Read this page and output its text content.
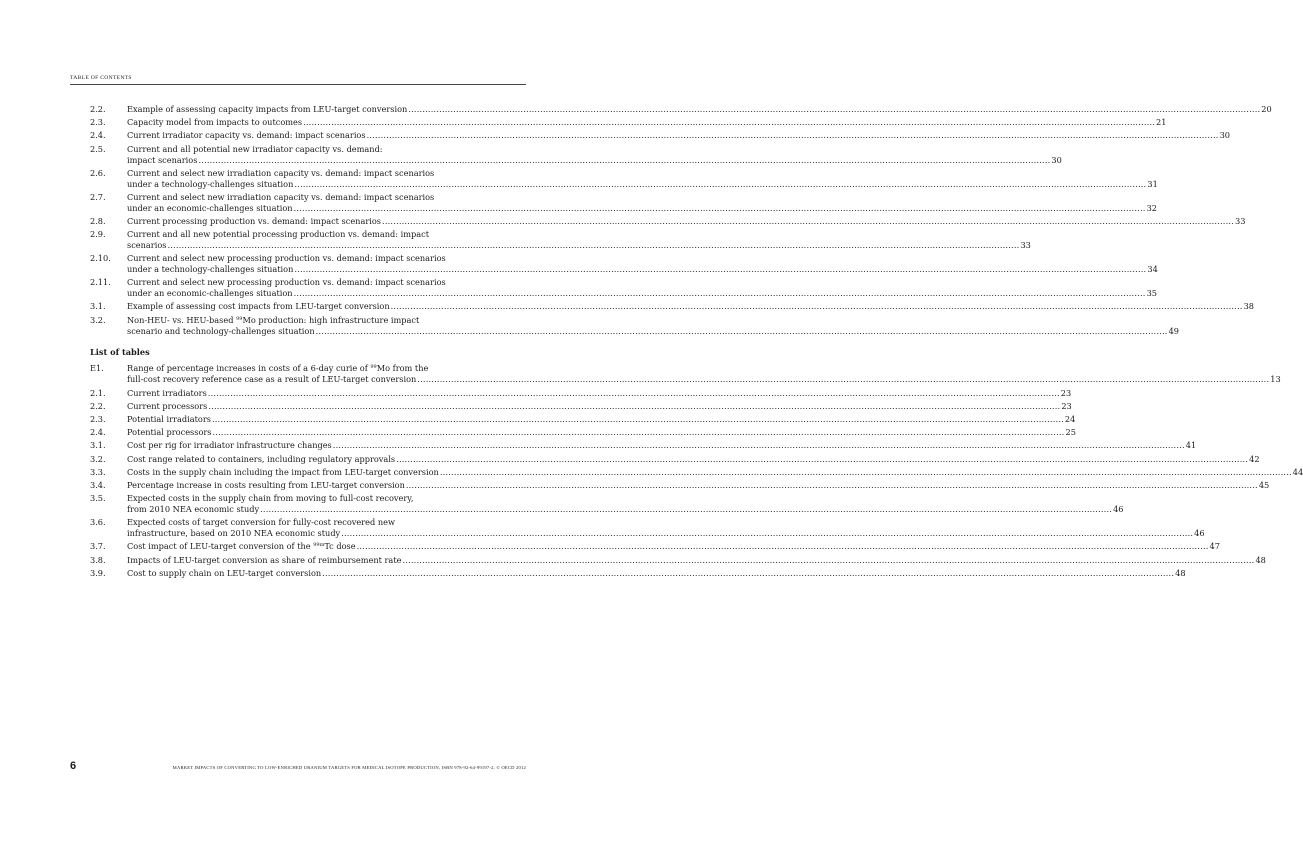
TABLE OF CONTENTS
2.2.	Example of assessing capacity impacts from LEU-target conversion .....	20
2.3.	Capacity model from impacts to outcomes .....	21
2.4.	Current irradiator capacity vs. demand: impact scenarios .....	30
2.5.	Current and all potential new irradiator capacity vs. demand:
impact scenarios .....	30
2.6.	Current and select new irradiation capacity vs. demand: impact scenarios
under a technology-challenges situation .....	31
2.7.	Current and select new irradiation capacity vs. demand: impact scenarios
under an economic-challenges situation .....	32
2.8.	Current processing production vs. demand: impact scenarios .....	33
2.9.	Current and all new potential processing production vs. demand: impact
scenarios .....	33
2.10.	Current and select new processing production vs. demand: impact scenarios
under a technology-challenges situation .....	34
2.11.	Current and select new processing production vs. demand: impact scenarios
under an economic-challenges situation .....	35
3.1.	Example of assessing cost impacts from LEU-target conversion .....	38
3.2.	Non-HEU- vs. HEU-based $^{99}$Mo production: high infrastructure impact
scenario and technology-challenges situation .....	49
List of tables
E1.	Range of percentage increases in costs of a 6-day curie of $^{99}$Mo from the
full-cost recovery reference case as a result of LEU-target conversion .....	13
2.1.	Current irradiators .....	23
2.2.	Current processors .....	23
2.3.	Potential irradiators .....	24
2.4.	Potential processors .....	25
3.1.	Cost per rig for irradiator infrastructure changes .....	41
3.2.	Cost range related to containers, including regulatory approvals .....	42
3.3.	Costs in the supply chain including the impact from LEU-target conversion .....	44
3.4.	Percentage increase in costs resulting from LEU-target conversion .....	45
3.5.	Expected costs in the supply chain from moving to full-cost recovery,
from 2010 NEA economic study .....	46
3.6.	Expected costs of target conversion for fully-cost recovered new
infrastructure, based on 2010 NEA economic study .....	46
3.7.	Cost impact of LEU-target conversion of the $^{99m}$Tc dose .....	47
3.8.	Impacts of LEU-target conversion as share of reimbursement rate .....	48
3.9.	Cost to supply chain on LEU-target conversion .....	48
6	MARKET IMPACTS OF CONVERTING TO LOW-ENRICHED URANIUM TARGETS FOR MEDICAL ISOTOPE PRODUCTION, ISBN 978-92-64-99197-2, © OECD 2012
